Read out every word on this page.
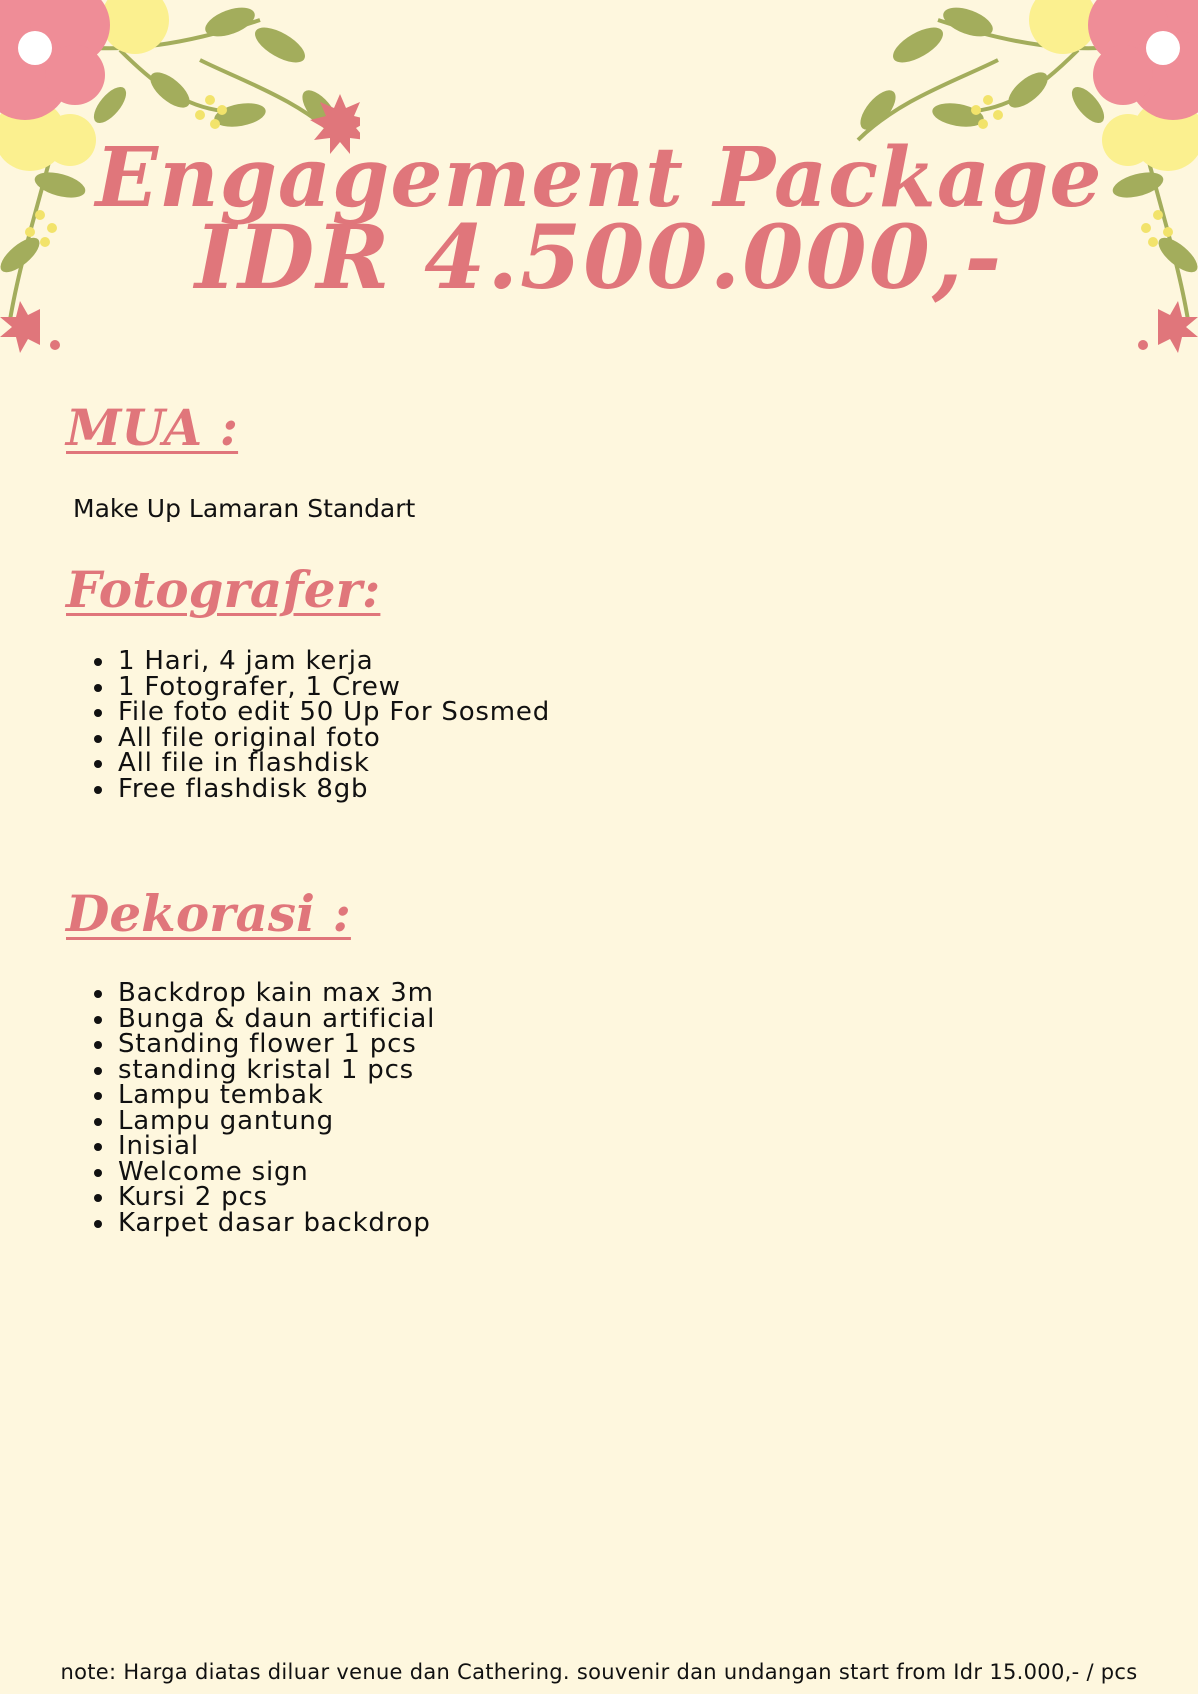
Engagement Package
IDR 4.500.000,-
MUA :

Make Up Lamaran Standart

Fotografer:
• 1 Hari, 4 jam kerja
• 1 Fotografer, 1 Crew
• File foto edit 50 Up For Sosmed
• All file original foto
• All file in flashdisk
• Free flashdisk 8gb
Dekorasi :
• Backdrop kain max 3m
• Bunga & daun artificial
• Standing flower 1 pcs
• standing kristal 1 pcs
• Lampu tembak
• Lampu gantung
• Inisial
• Welcome sign
• Kursi 2 pcs
• Karpet dasar backdrop

note: Harga diatas diluar venue dan Cathering. souvenir dan undangan start from Idr 15.000,- / pcs
